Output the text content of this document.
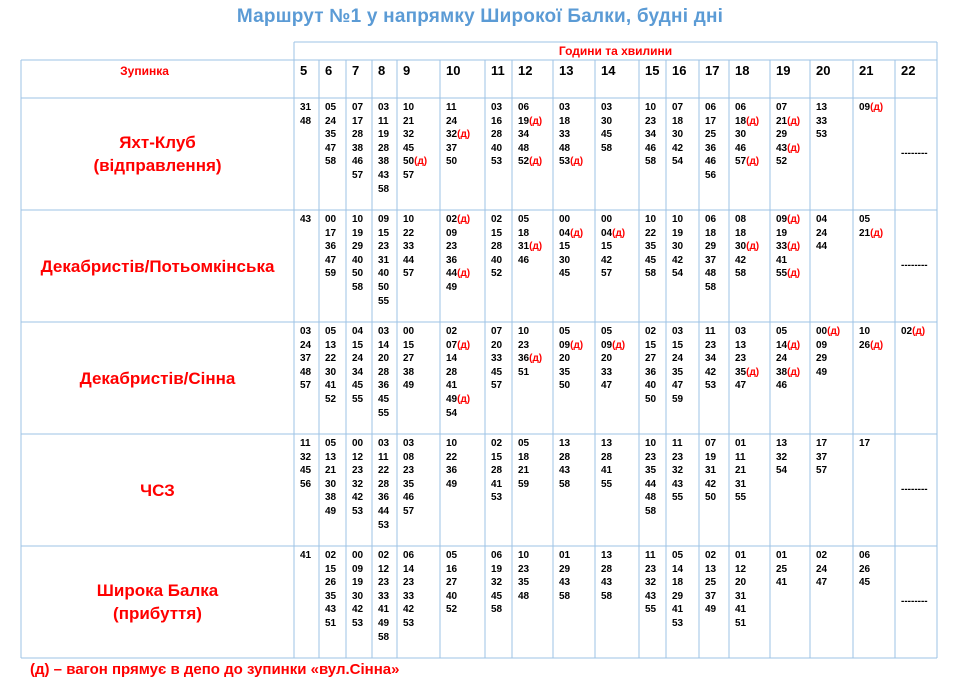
Маршрут №1 у напрямку Широкої Балки, будні дні
Години та хвилини
Зупинка	5 6 7 8 9	10 11 12 13 14 15 16 17 18 19 20 21 22
Яхт-Клуб
(відправлення)
31
48
05
24
35
47
58
07
17
28
38
46
57
03
11
19
28
38
43
58
10
21
32
45
50(д)
57
11
24
32(д)
37
50
03
16
28
40
53
06
19(д)
34
48
52(д)
03
18
33
48
53(д)
03
30
45
58
10
23
34
46
58
07
18
30
42
54
06
17
25
36
46
56
06
18(д)
30
46
57(д)
07
21(д)
29
43(д)
52
13
33
53
09(д)
--------
Декабристів/Потьомкінська
43 00
17
36
47
59
10
19
29
40
50
58
09
15
23
31
40
50
55
10
22
33
44
57
02(д)
09
23
36
44(д)
49
02
15
28
40
52
05
18
31(д)
46
00
04(д)
15
30
45
00
04(д)
15
42
57
10
22
35
45
58
10
19
30
42
54
06
18
29
37
48
58
08
18
30(д)
42
58
09(д)
19
33(д)
41
55(д)
04
24
44
05
21(д)
--------
Декабристів/Сінна
03
24
37
48
57
05
13
22
30
41
52
04
15
24
34
45
55
03
14
20
28
36
45
55
00
15
27
38
49
02
07(д)
14
28
41
49(д)
54
07
20
33
45
57
10
23
36(д)
51
05
09(д)
20
35
50
05
09(д)
20
33
47
02
15
27
36
40
50
03
15
24
35
47
59
11
23
34
42
53
03
13
23
35(д)
47
05
14(д)
24
38(д)
46
00(д)
09
29
49
10
26(д)
02(д)
ЧСЗ
11
32
45
56
05
13
21
30
38
49
00
12
23
32
42
53
03
11
22
28
36
44
53
03
08
23
35
46
57
10
22
36
49
02
15
28
41
53
05
18
21
59
13
28
43
58
13
28
41
55
10
23
35
44
48
58
11
23
32
43
55
07
19
31
42
50
01
11
21
31
55
13
32
54
17
37
57
17
--------
Широка Балка
(прибуття)
41 02
15
26
35
43
51
00
09
19
30
42
53
02
12
23
33
41
49
58
06
14
23
33
42
53
05
16
27
40
52
06
19
32
45
58
10
23
35
48
01
29
43
58
13
28
43
58
11
23
32
43
55
05
14
18
29
41
53
02
13
25
37
49
01
12
20
31
41
51
01
25
41
02
24
47
06
26
45
--------
(д) – вагон прямує в депо до зупинки «вул.Сінна»
